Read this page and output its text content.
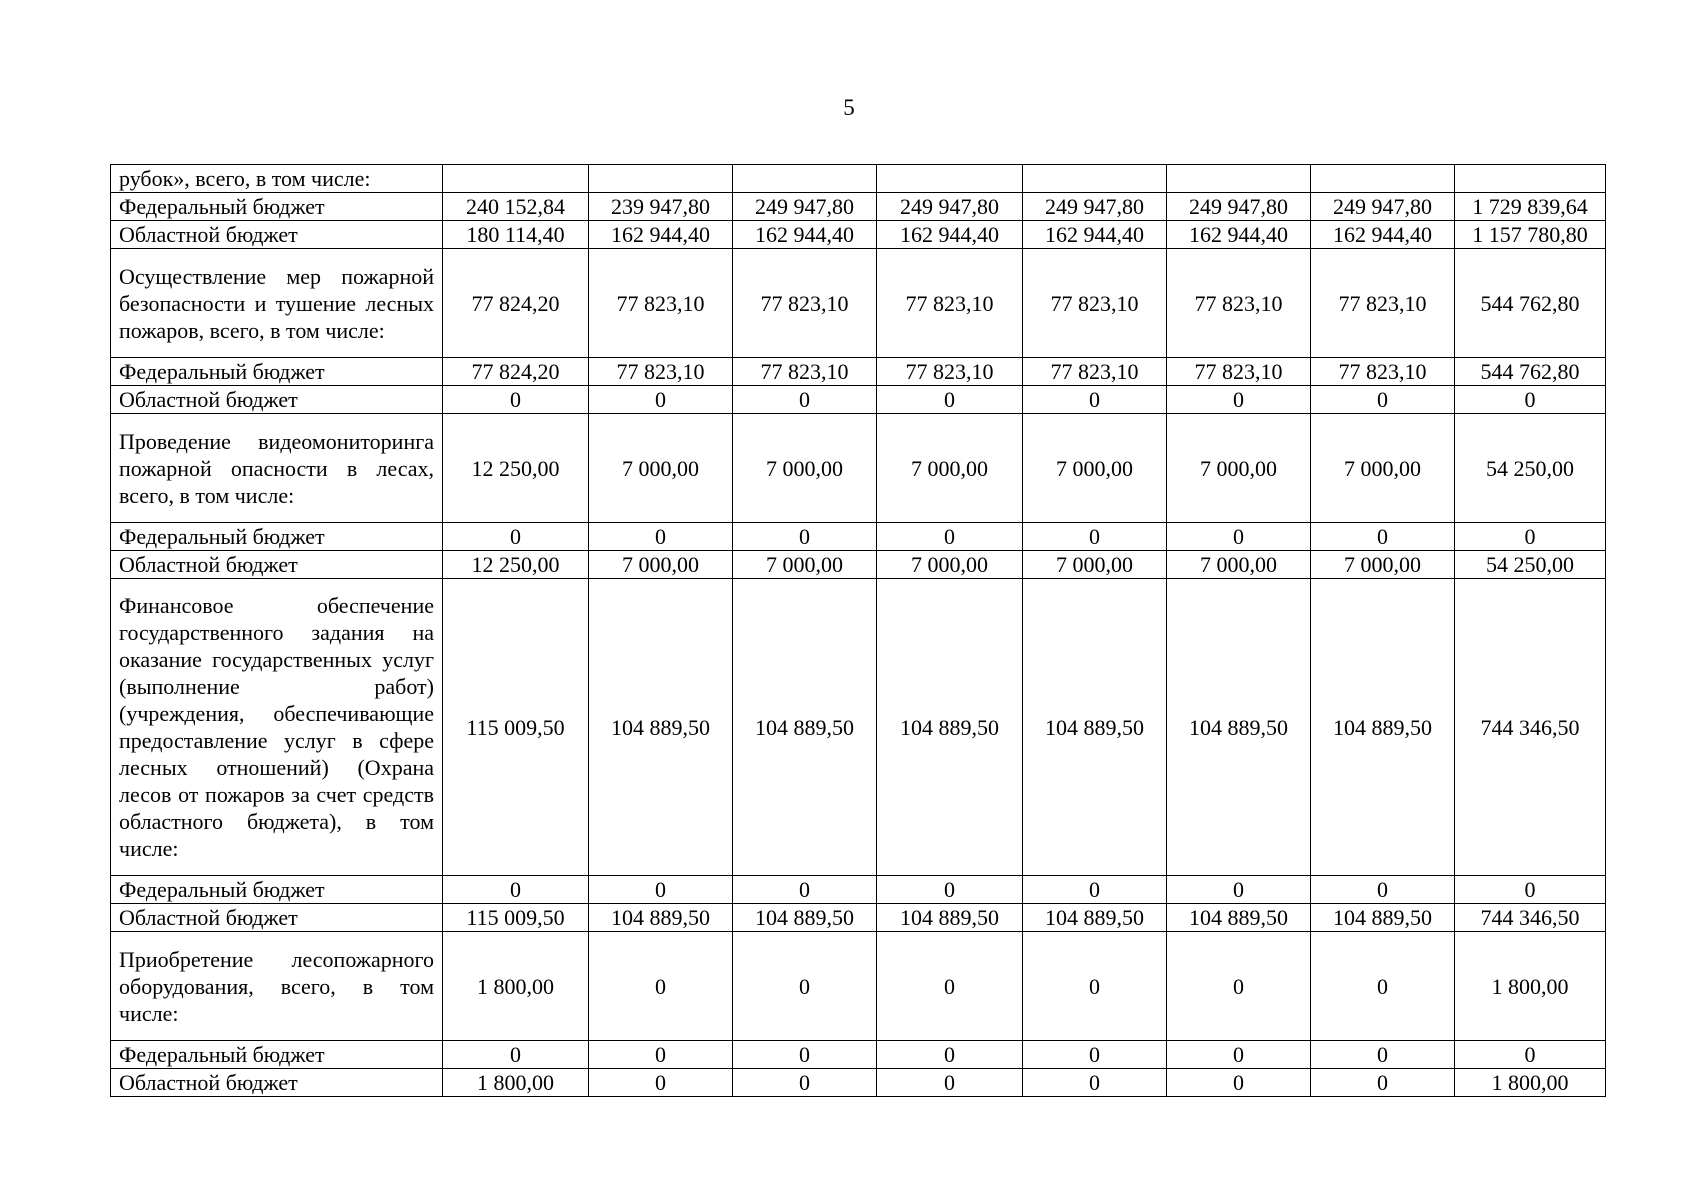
5
рубок», всего, в том числе:								
Федеральный бюджет	240 152,84	239 947,80	249 947,80	249 947,80	249 947,80	249 947,80	249 947,80	1 729 839,64
Областной бюджет	180 114,40	162 944,40	162 944,40	162 944,40	162 944,40	162 944,40	162 944,40	1 157 780,80
Осуществление мер пожарной безопасности и тушение лесных пожаров, всего, в том числе:	77 824,20	77 823,10	77 823,10	77 823,10	77 823,10	77 823,10	77 823,10	544 762,80
Федеральный бюджет	77 824,20	77 823,10	77 823,10	77 823,10	77 823,10	77 823,10	77 823,10	544 762,80
Областной бюджет	0	0	0	0	0	0	0	0
Проведение видеомониторинга пожарной опасности в лесах, всего, в том числе:	12 250,00	7 000,00	7 000,00	7 000,00	7 000,00	7 000,00	7 000,00	54 250,00
Федеральный бюджет	0	0	0	0	0	0	0	0
Областной бюджет	12 250,00	7 000,00	7 000,00	7 000,00	7 000,00	7 000,00	7 000,00	54 250,00
Финансовое обеспечение государственного задания на оказание государственных услуг (выполнение работ) (учреждения, обеспечивающие предоставление услуг в сфере лесных отношений) (Охрана лесов от пожаров за счет средств областного бюджета), в том числе:	115 009,50	104 889,50	104 889,50	104 889,50	104 889,50	104 889,50	104 889,50	744 346,50
Федеральный бюджет	0	0	0	0	0	0	0	0
Областной бюджет	115 009,50	104 889,50	104 889,50	104 889,50	104 889,50	104 889,50	104 889,50	744 346,50
Приобретение лесопожарного оборудования, всего, в том числе:	1 800,00	0	0	0	0	0	0	1 800,00
Федеральный бюджет	0	0	0	0	0	0	0	0
Областной бюджет	1 800,00	0	0	0	0	0	0	1 800,00
